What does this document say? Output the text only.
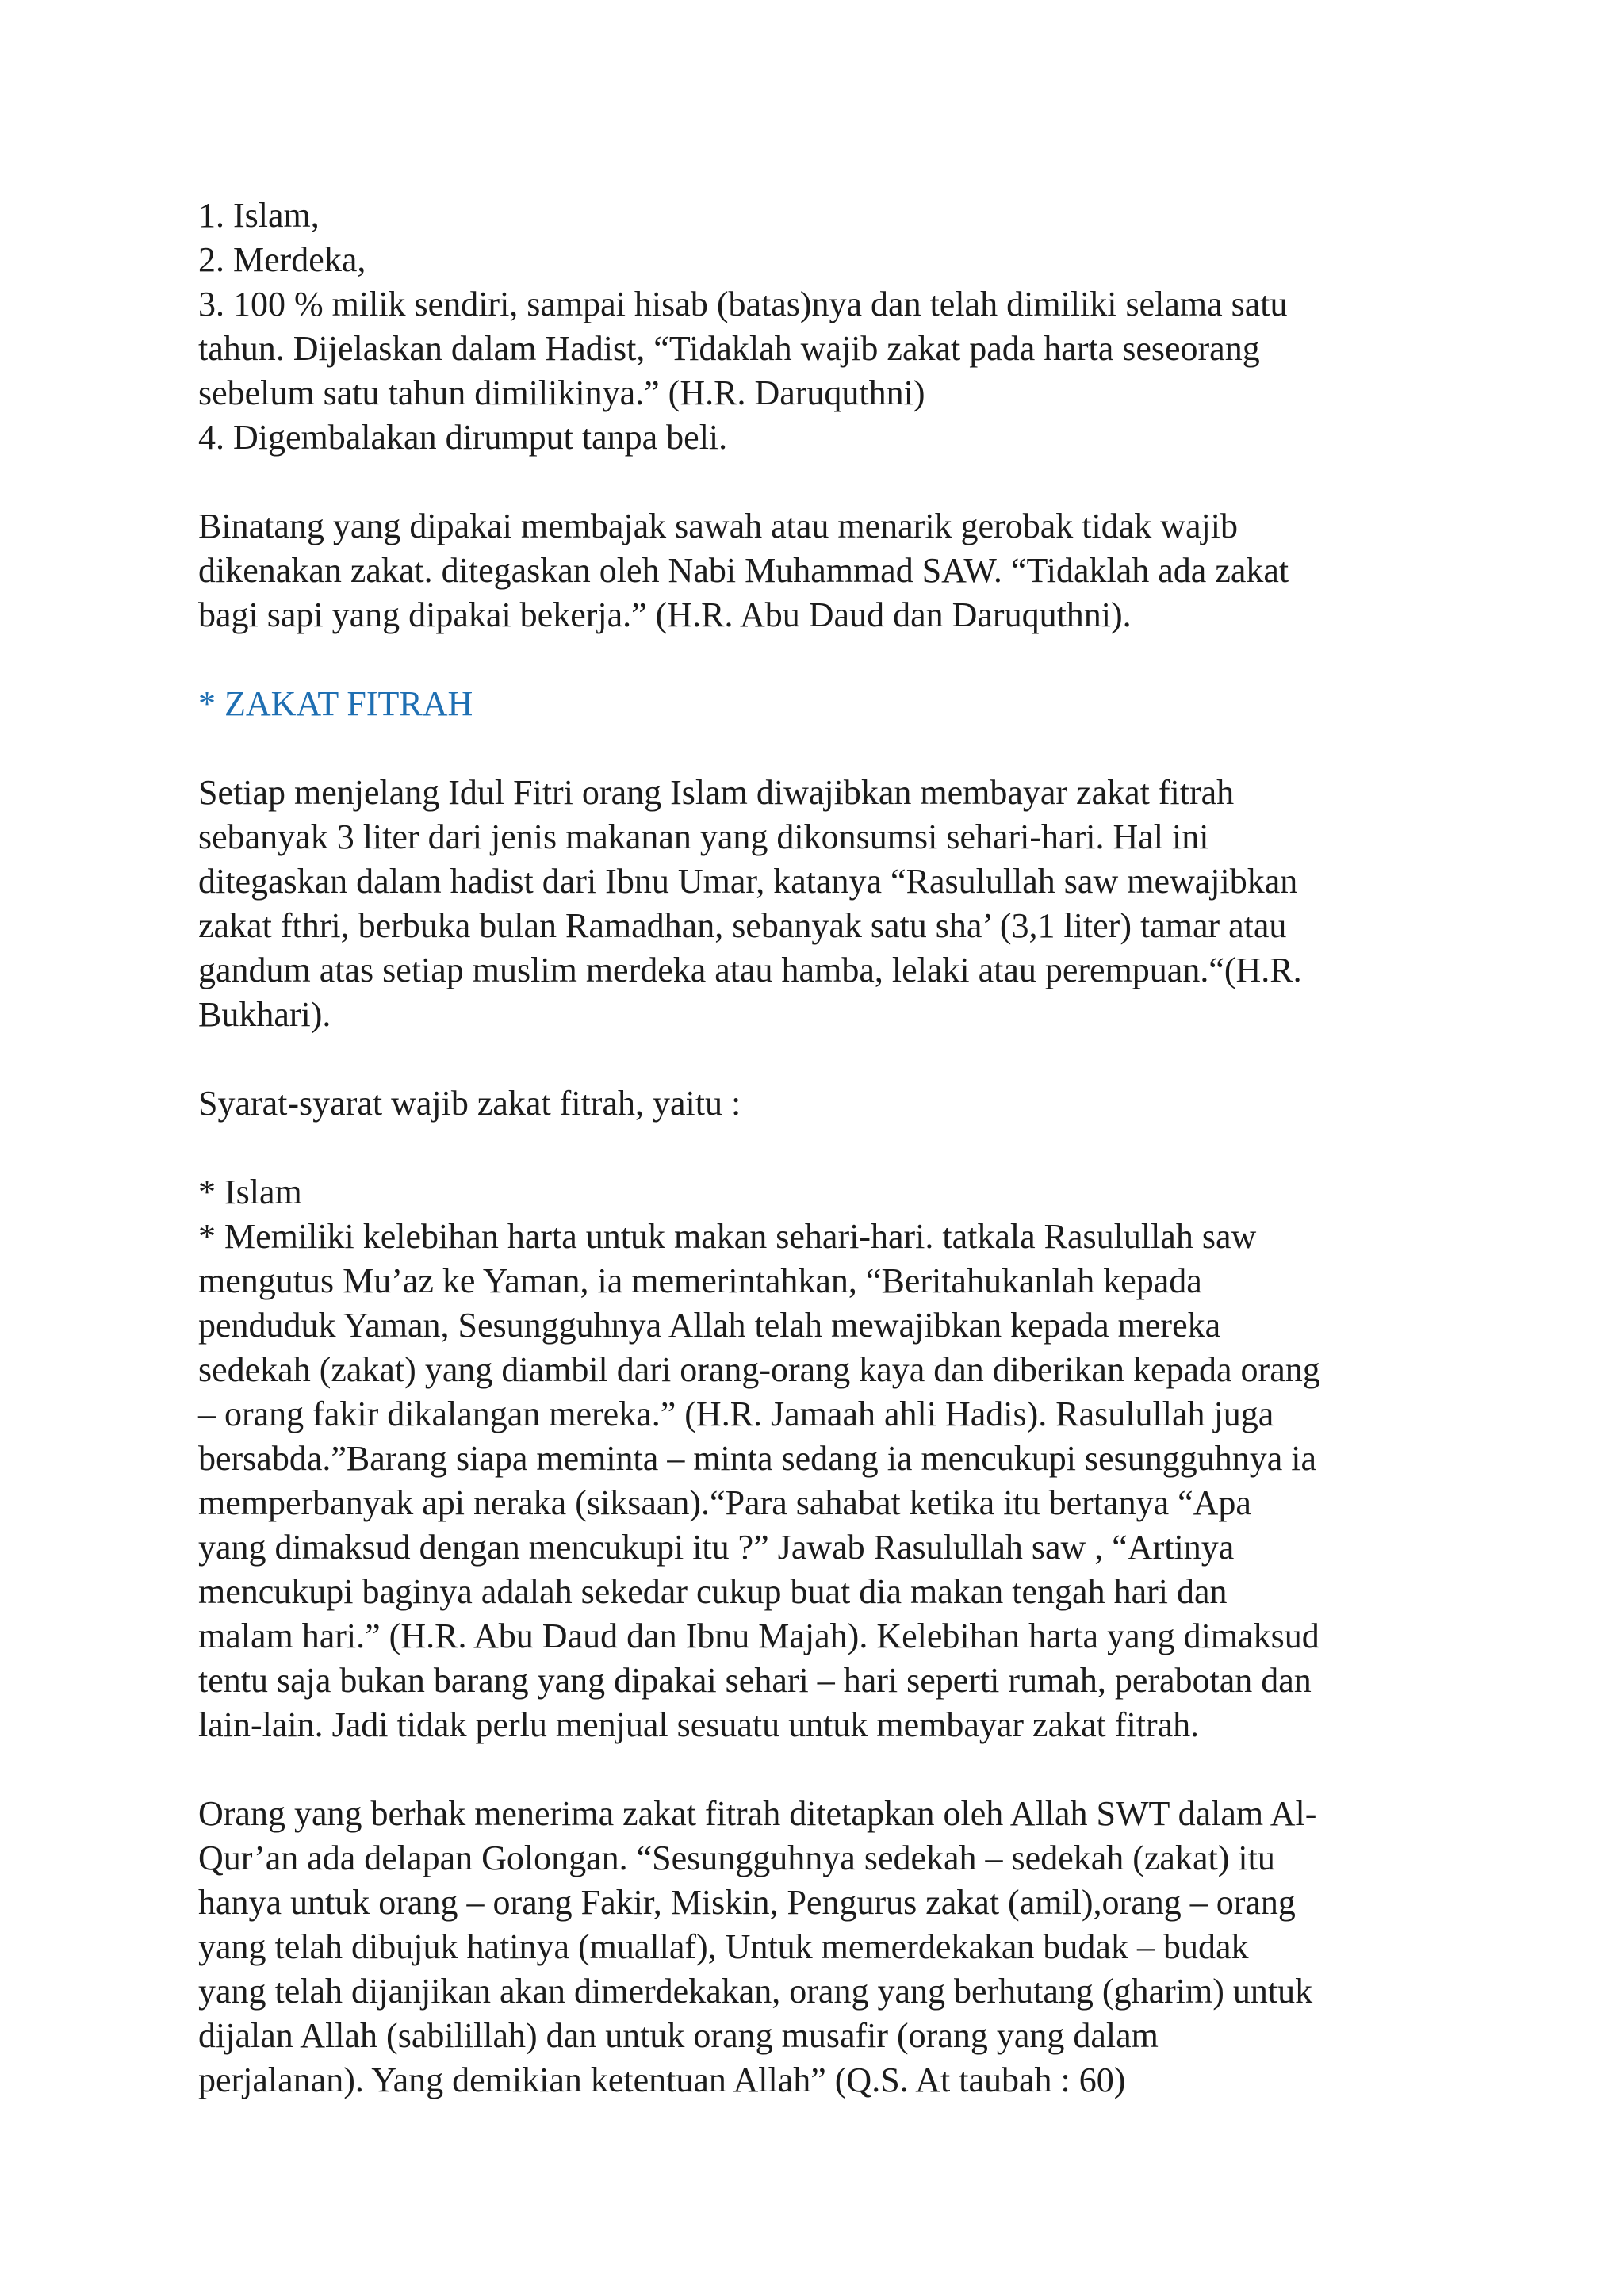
1. Islam,
2. Merdeka,
3. 100 % milik sendiri, sampai hisab (batas)nya dan telah dimiliki selama satu
tahun. Dijelaskan dalam Hadist, “Tidaklah wajib zakat pada harta seseorang
sebelum satu tahun dimilikinya.” (H.R. Daruquthni)
4. Digembalakan dirumput tanpa beli.
Binatang yang dipakai membajak sawah atau menarik gerobak tidak wajib
dikenakan zakat. ditegaskan oleh Nabi Muhammad SAW. “Tidaklah ada zakat
bagi sapi yang dipakai bekerja.” (H.R. Abu Daud dan Daruquthni).
* ZAKAT FITRAH
Setiap menjelang Idul Fitri orang Islam diwajibkan membayar zakat fitrah
sebanyak 3 liter dari jenis makanan yang dikonsumsi sehari-hari. Hal ini
ditegaskan dalam hadist dari Ibnu Umar, katanya “Rasulullah saw mewajibkan
zakat fthri, berbuka bulan Ramadhan, sebanyak satu sha’ (3,1 liter) tamar atau
gandum atas setiap muslim merdeka atau hamba, lelaki atau perempuan.“(H.R.
Bukhari).
Syarat-syarat wajib zakat fitrah, yaitu :
* Islam
* Memiliki kelebihan harta untuk makan sehari-hari. tatkala Rasulullah saw
mengutus Mu’az ke Yaman, ia memerintahkan, “Beritahukanlah kepada
penduduk Yaman, Sesungguhnya Allah telah mewajibkan kepada mereka
sedekah (zakat) yang diambil dari orang-orang kaya dan diberikan kepada orang
– orang fakir dikalangan mereka.” (H.R. Jamaah ahli Hadis). Rasulullah juga
bersabda.”Barang siapa meminta – minta sedang ia mencukupi sesungguhnya ia
memperbanyak api neraka (siksaan).“Para sahabat ketika itu bertanya “Apa
yang dimaksud dengan mencukupi itu ?” Jawab Rasulullah saw , “Artinya
mencukupi baginya adalah sekedar cukup buat dia makan tengah hari dan
malam hari.” (H.R. Abu Daud dan Ibnu Majah). Kelebihan harta yang dimaksud
tentu saja bukan barang yang dipakai sehari – hari seperti rumah, perabotan dan
lain-lain. Jadi tidak perlu menjual sesuatu untuk membayar zakat fitrah.
Orang yang berhak menerima zakat fitrah ditetapkan oleh Allah SWT dalam Al-
Qur’an ada delapan Golongan. “Sesungguhnya sedekah – sedekah (zakat) itu
hanya untuk orang – orang Fakir, Miskin, Pengurus zakat (amil),orang – orang
yang telah dibujuk hatinya (muallaf), Untuk memerdekakan budak – budak
yang telah dijanjikan akan dimerdekakan, orang yang berhutang (gharim) untuk
dijalan Allah (sabilillah) dan untuk orang musafir (orang yang dalam
perjalanan). Yang demikian ketentuan Allah” (Q.S. At taubah : 60)
